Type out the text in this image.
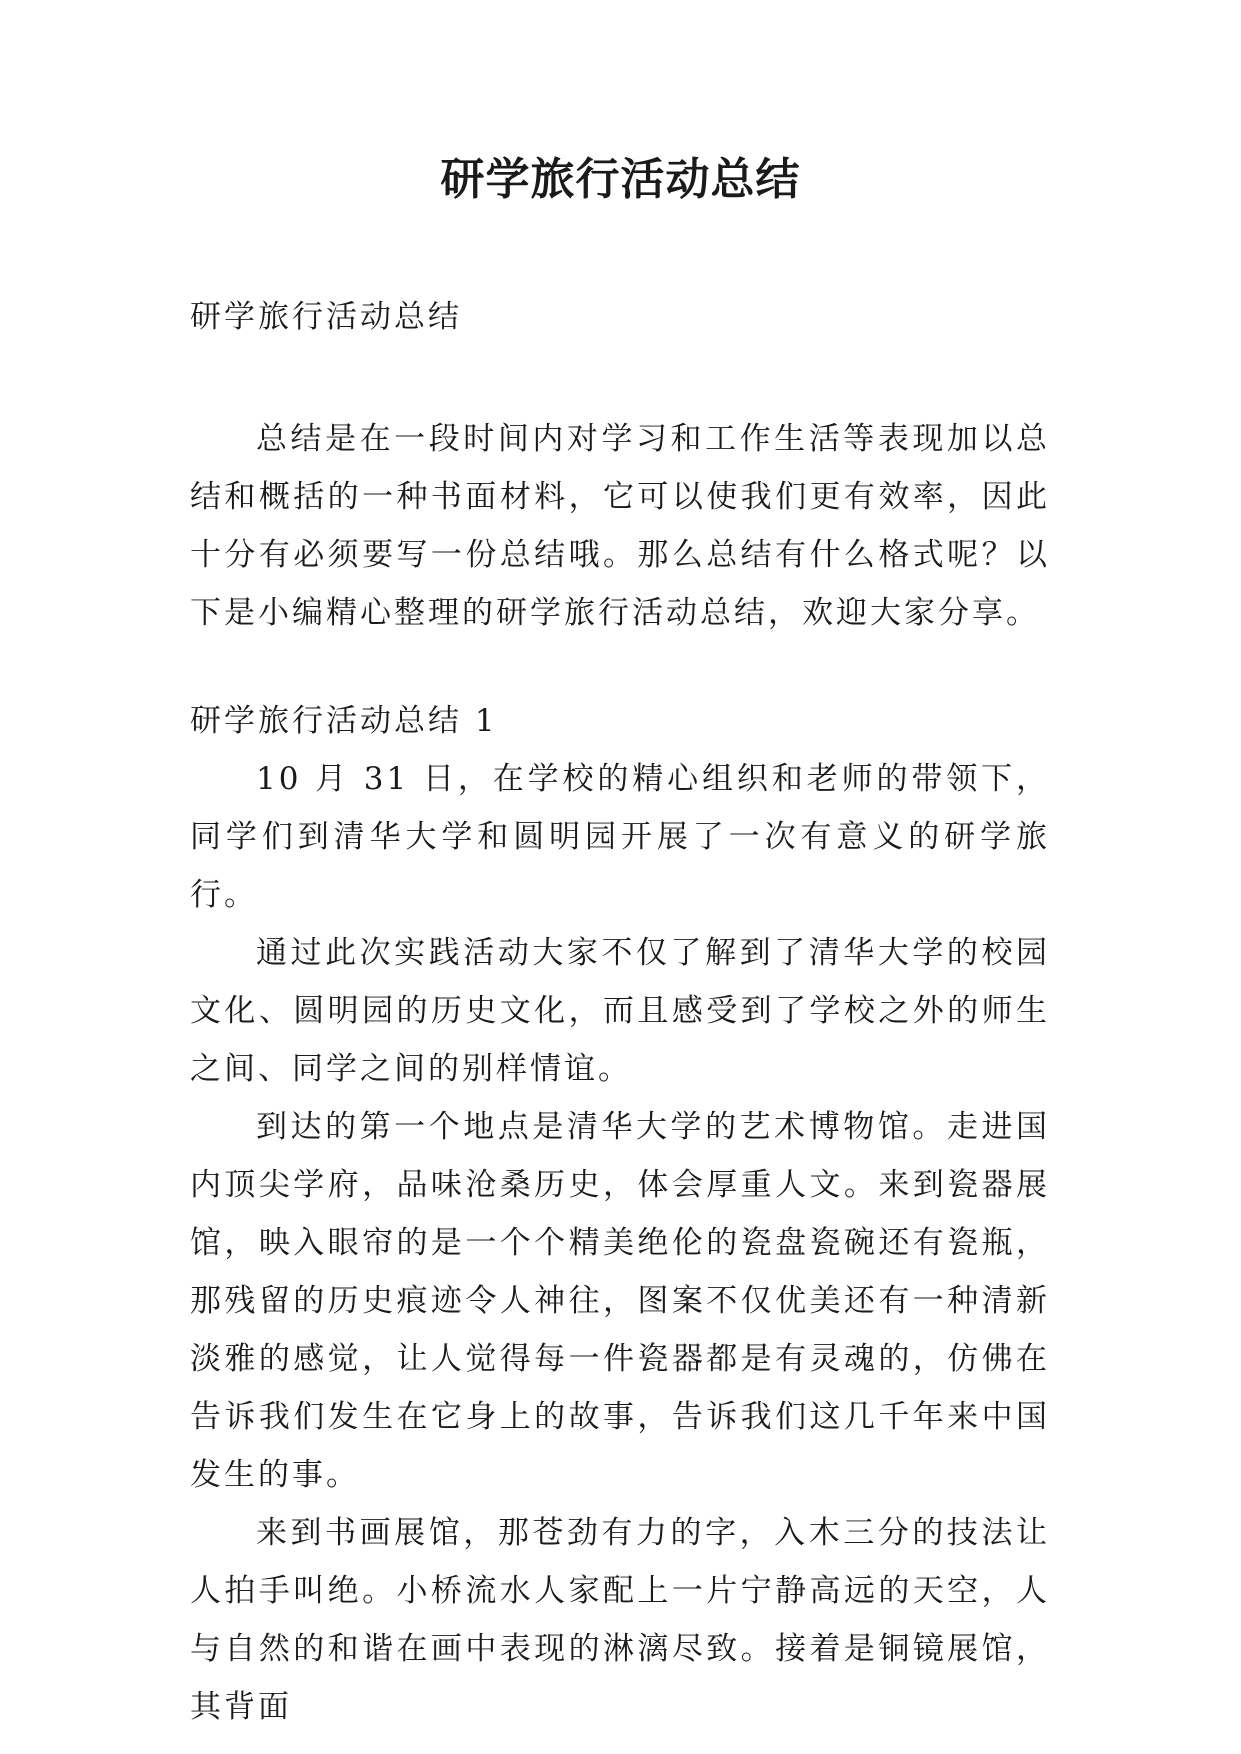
研学旅行活动总结
研学旅行活动总结

总结是在一段时间内对学习和工作生活等表现加以总结和概括的一种书面材料，它可以使我们更有效率，因此十分有必须要写一份总结哦。那么总结有什么格式呢？以下是小编精心整理的研学旅行活动总结，欢迎大家分享。

研学旅行活动总结 1

10 月 31 日，在学校的精心组织和老师的带领下，同学们到清华大学和圆明园开展了一次有意义的研学旅行。

通过此次实践活动大家不仅了解到了清华大学的校园文化、圆明园的历史文化，而且感受到了学校之外的师生之间、同学之间的别样情谊。

到达的第一个地点是清华大学的艺术博物馆。走进国内顶尖学府，品味沧桑历史，体会厚重人文。来到瓷器展馆，映入眼帘的是一个个精美绝伦的瓷盘瓷碗还有瓷瓶，那残留的历史痕迹令人神往，图案不仅优美还有一种清新淡雅的感觉，让人觉得每一件瓷器都是有灵魂的，仿佛在告诉我们发生在它身上的故事，告诉我们这几千年来中国发生的事。

来到书画展馆，那苍劲有力的字，入木三分的技法让人拍手叫绝。小桥流水人家配上一片宁静高远的天空，人与自然的和谐在画中表现的淋漓尽致。接着是铜镜展馆，其背面
